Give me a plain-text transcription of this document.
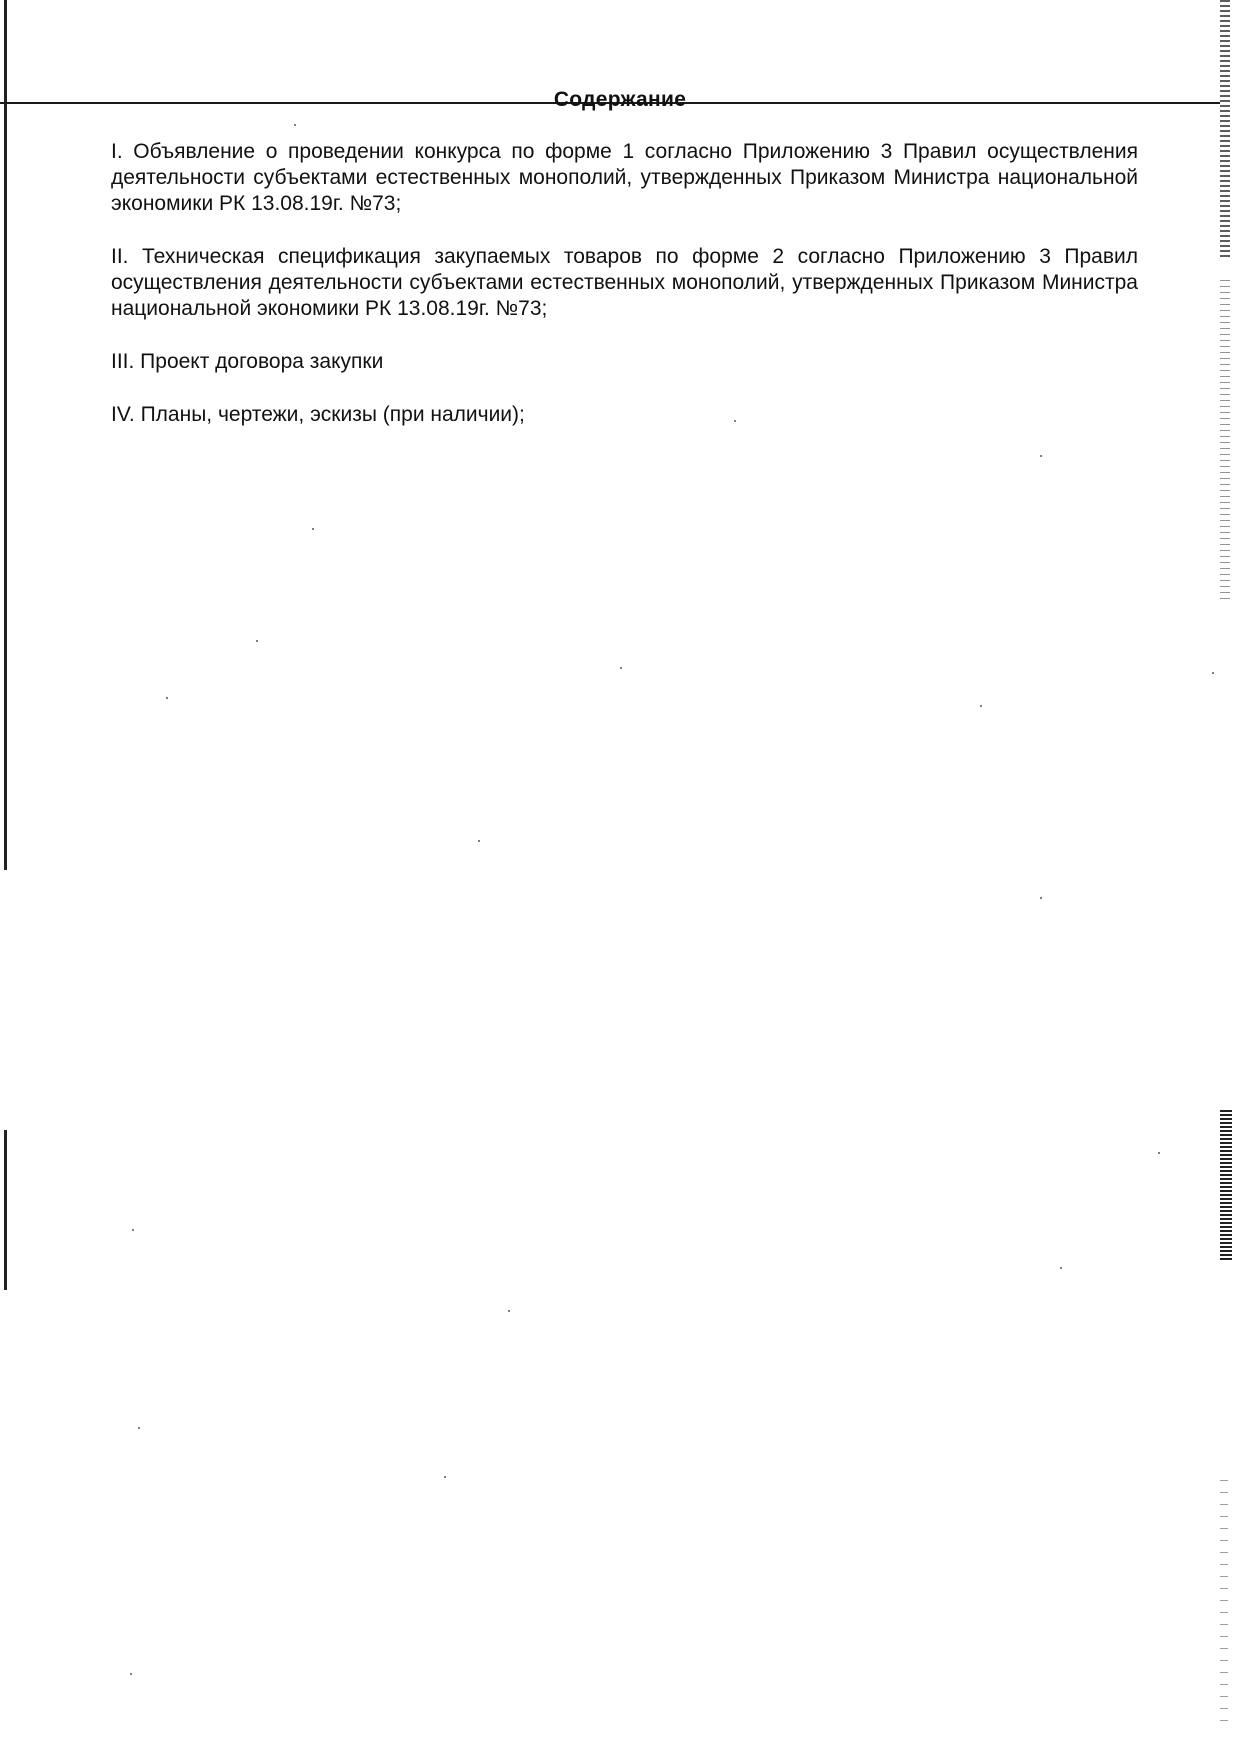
Содержание

I. Объявление о проведении конкурса по форме 1 согласно Приложению 3 Правил осуществления деятельности субъектами естественных монополий, утвержденных Приказом Министра национальной экономики РК 13.08.19г. №73;

II. Техническая спецификация закупаемых товаров по форме 2 согласно Приложению 3 Правил осуществления деятельности субъектами естественных монополий, утвержденных Приказом Министра национальной экономики РК 13.08.19г. №73;

III. Проект договора закупки

IV. Планы, чертежи, эскизы (при наличии);
